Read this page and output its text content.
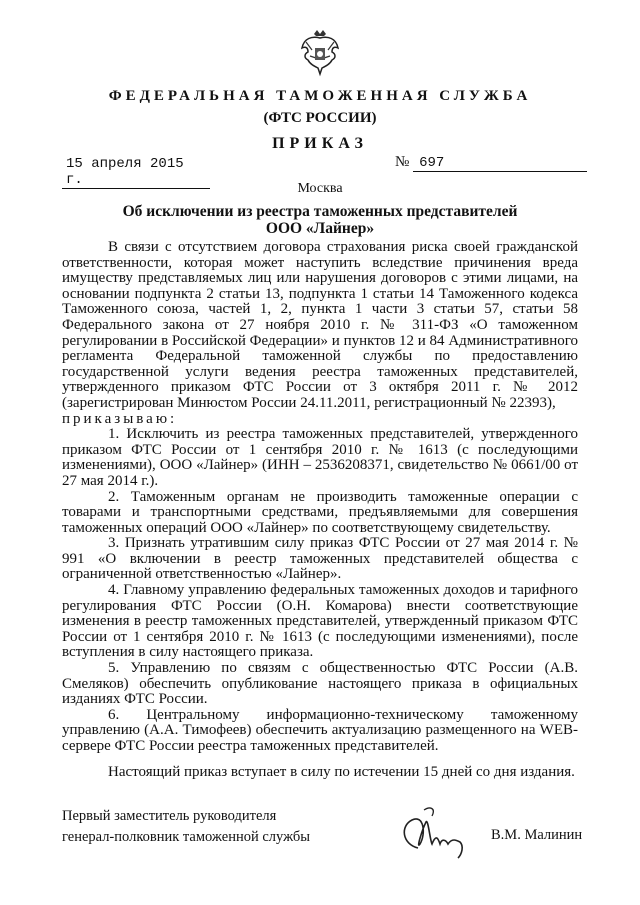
ФЕДЕРАЛЬНАЯ ТАМОЖЕННАЯ СЛУЖБА
(ФТС РОССИИ)
ПРИКАЗ
15 апреля 2015 г.
№ 697
Москва
Об исключении из реестра таможенных представителей
ООО «Лайнер»

В связи с отсутствием договора страхования риска своей гражданской ответственности, которая может наступить вследствие причинения вреда имуществу представляемых лиц или нарушения договоров с этими лицами, на основании подпункта 2 статьи 13, подпункта 1 статьи 14 Таможенного кодекса Таможенного союза, частей 1, 2, пункта 1 части 3 статьи 57, статьи 58 Федерального закона от 27 ноября 2010 г. № 311-ФЗ «О таможенном регулировании в Российской Федерации» и пунктов 12 и 84 Административного регламента Федеральной таможенной службы по предоставлению государственной услуги ведения реестра таможенных представителей, утвержденного приказом ФТС России от 3 октября 2011 г. № 2012 (зарегистрирован Минюстом России 24.11.2011, регистрационный № 22393),

приказываю:

1. Исключить из реестра таможенных представителей, утвержденного приказом ФТС России от 1 сентября 2010 г. № 1613 (с последующими изменениями), ООО «Лайнер» (ИНН – 2536208371, свидетельство № 0661/00 от 27 мая 2014 г.).

2. Таможенным органам не производить таможенные операции с товарами и транспортными средствами, предъявляемыми для совершения таможенных операций ООО «Лайнер» по соответствующему свидетельству.

3. Признать утратившим силу приказ ФТС России от 27 мая 2014 г. № 991 «О включении в реестр таможенных представителей общества с ограниченной ответственностью «Лайнер».

4. Главному управлению федеральных таможенных доходов и тарифного регулирования ФТС России (О.Н. Комарова) внести соответствующие изменения в реестр таможенных представителей, утвержденный приказом ФТС России от 1 сентября 2010 г. № 1613 (с последующими изменениями), после вступления в силу настоящего приказа.

5. Управлению по связям с общественностью ФТС России (А.В. Смеляков) обеспечить опубликование настоящего приказа в официальных изданиях ФТС России.

6. Центральному информационно-техническому таможенному управлению (А.А. Тимофеев) обеспечить актуализацию размещенного на WEB-сервере ФТС России реестра таможенных представителей.

Настоящий приказ вступает в силу по истечении 15 дней со дня издания.

Первый заместитель руководителя
генерал-полковник таможенной службы	В.М. Малинин
